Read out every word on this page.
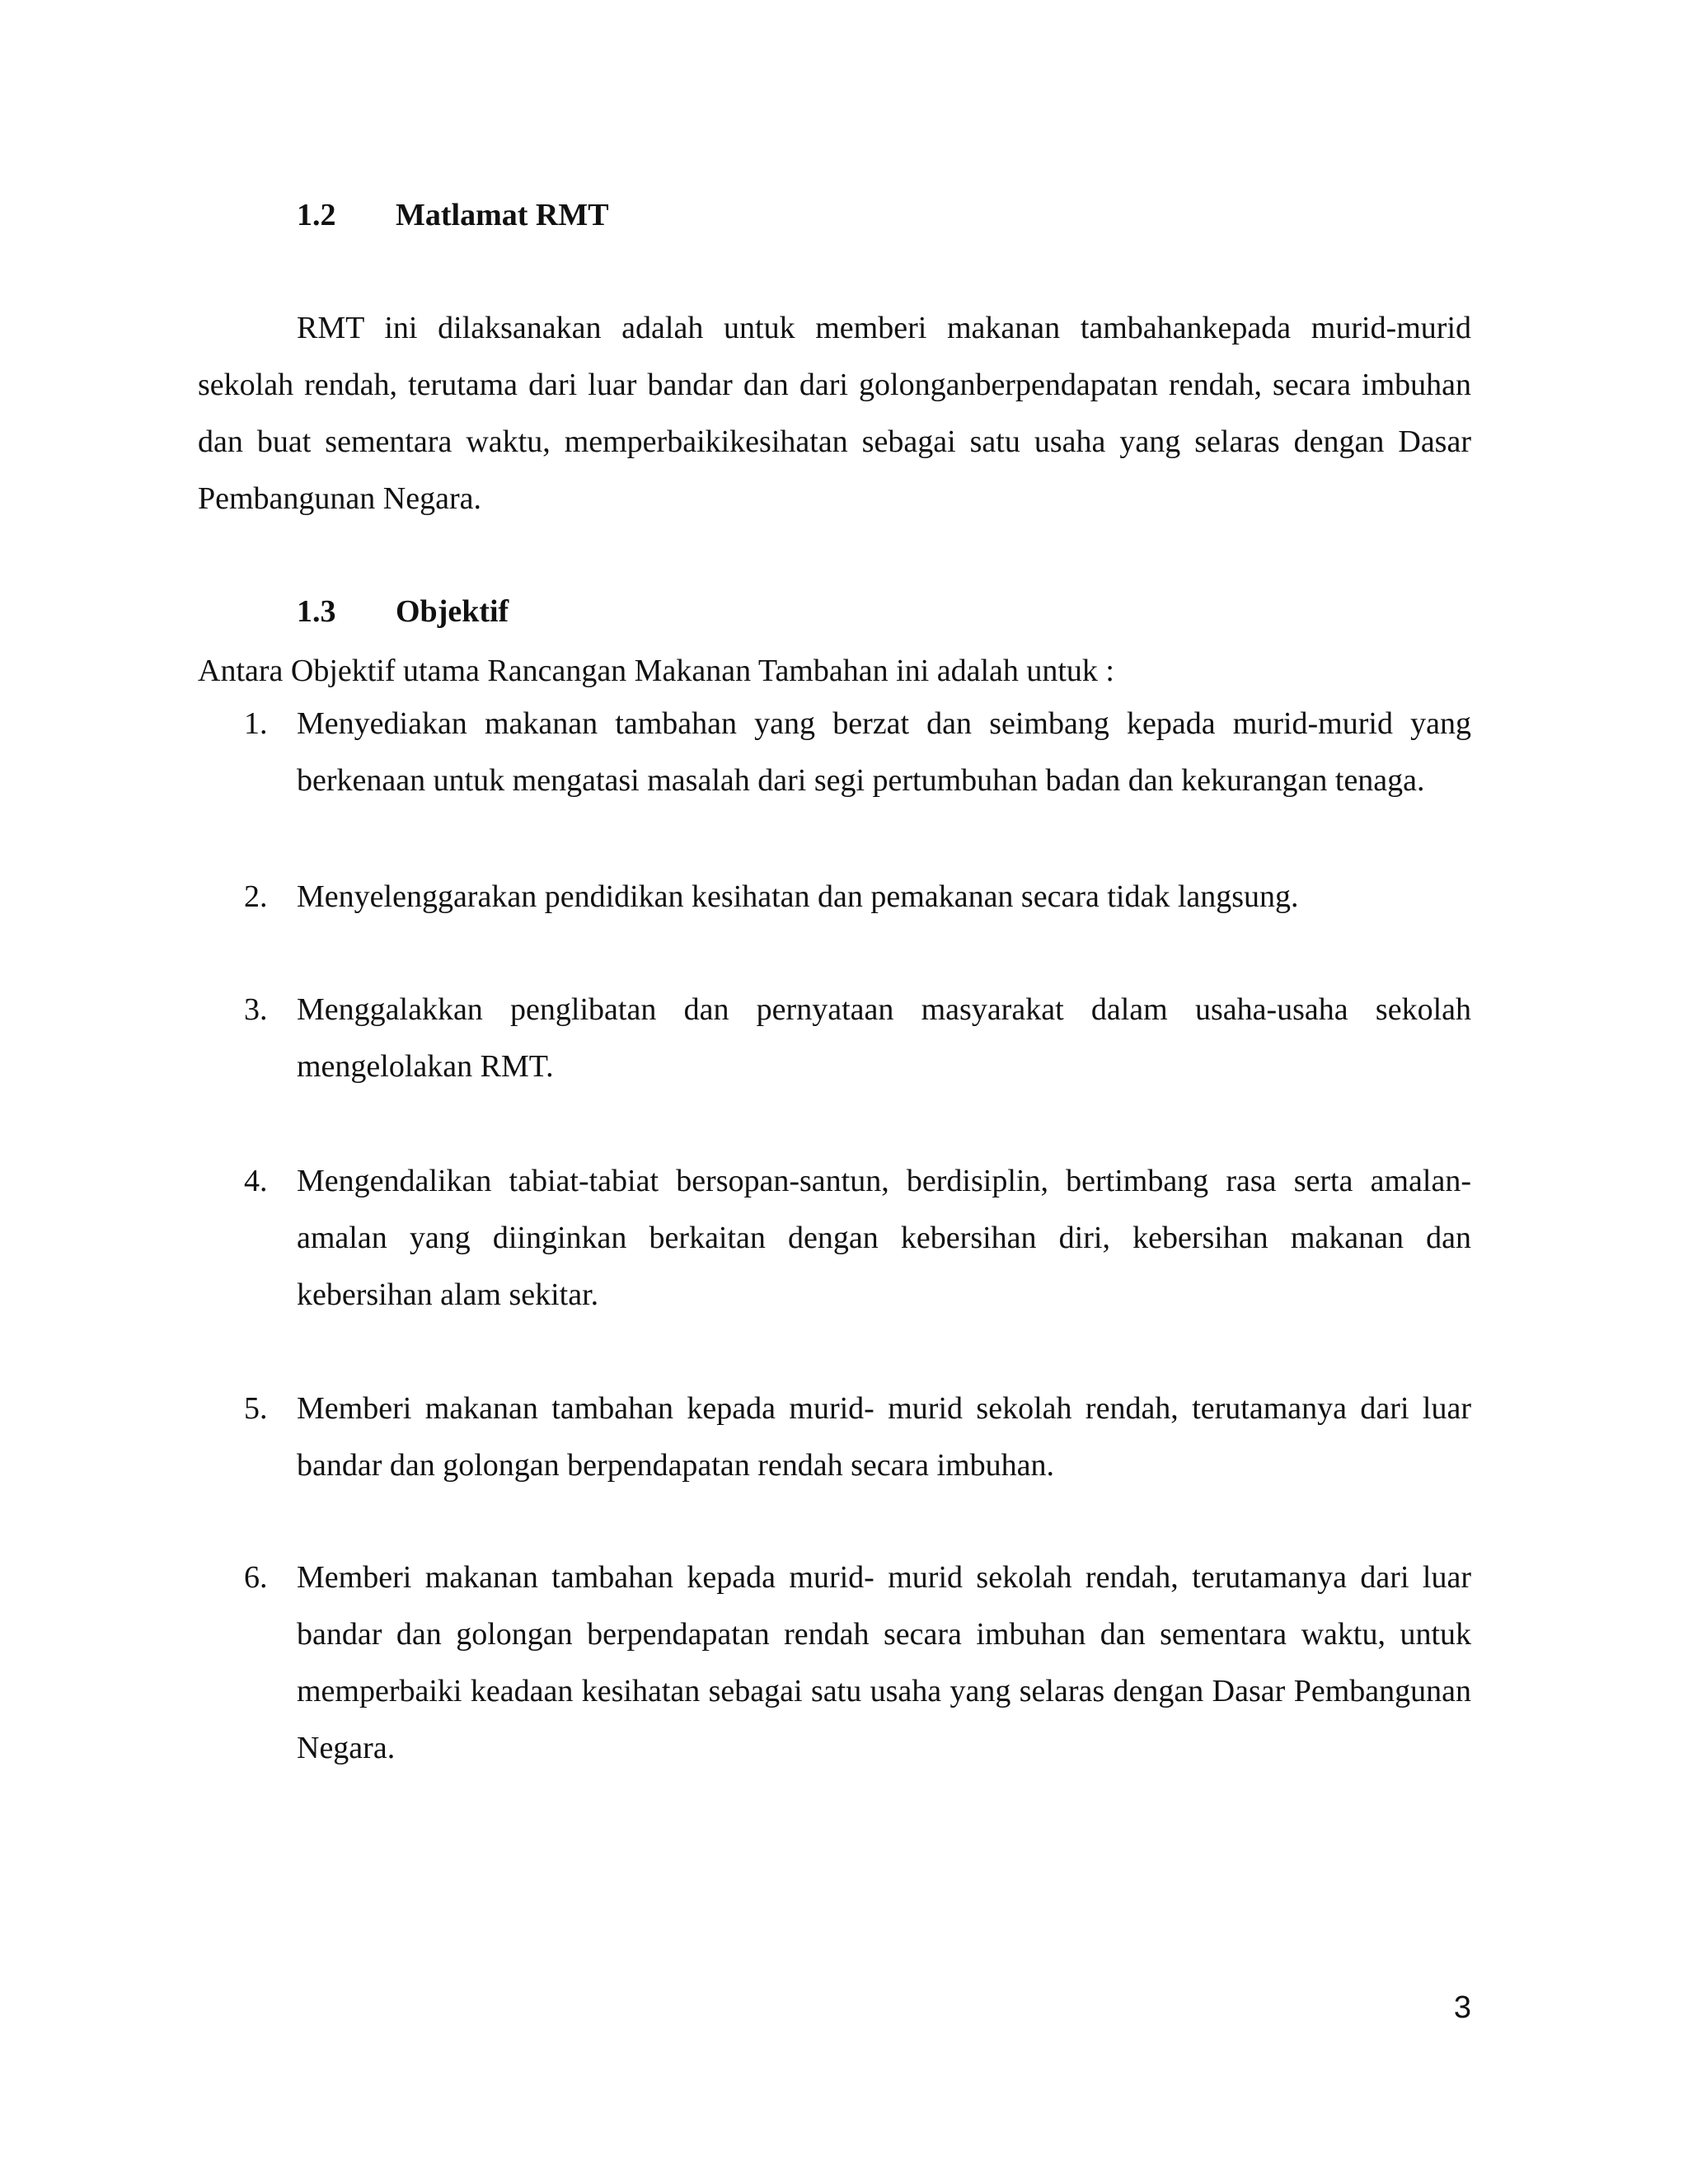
1.2 Matlamat RMT

RMT ini dilaksanakan adalah untuk memberi makanan tambahankepada murid-murid sekolah rendah, terutama dari luar bandar dan dari golonganberpendapatan rendah, secara imbuhan dan buat sementara waktu, memperbaikikesihatan sebagai satu usaha yang selaras dengan Dasar Pembangunan Negara.

1.3 Objektif
Antara Objektif utama Rancangan Makanan Tambahan ini adalah untuk :
1. Menyediakan makanan tambahan yang berzat dan seimbang kepada murid-murid yang berkenaan untuk mengatasi masalah dari segi pertumbuhan badan dan kekurangan tenaga.
2. Menyelenggarakan pendidikan kesihatan dan pemakanan secara tidak langsung.
3. Menggalakkan penglibatan dan pernyataan masyarakat dalam usaha-usaha sekolah mengelolakan RMT.
4. Mengendalikan tabiat-tabiat bersopan-santun, berdisiplin, bertimbang rasa serta amalan-amalan yang diinginkan berkaitan dengan kebersihan diri, kebersihan makanan dan kebersihan alam sekitar.
5. Memberi makanan tambahan kepada murid- murid sekolah rendah, terutamanya dari luar bandar dan golongan berpendapatan rendah secara imbuhan.
6. Memberi makanan tambahan kepada murid- murid sekolah rendah, terutamanya dari luar bandar dan golongan berpendapatan rendah secara imbuhan dan sementara waktu, untuk memperbaiki keadaan kesihatan sebagai satu usaha yang selaras dengan Dasar Pembangunan Negara.
3
